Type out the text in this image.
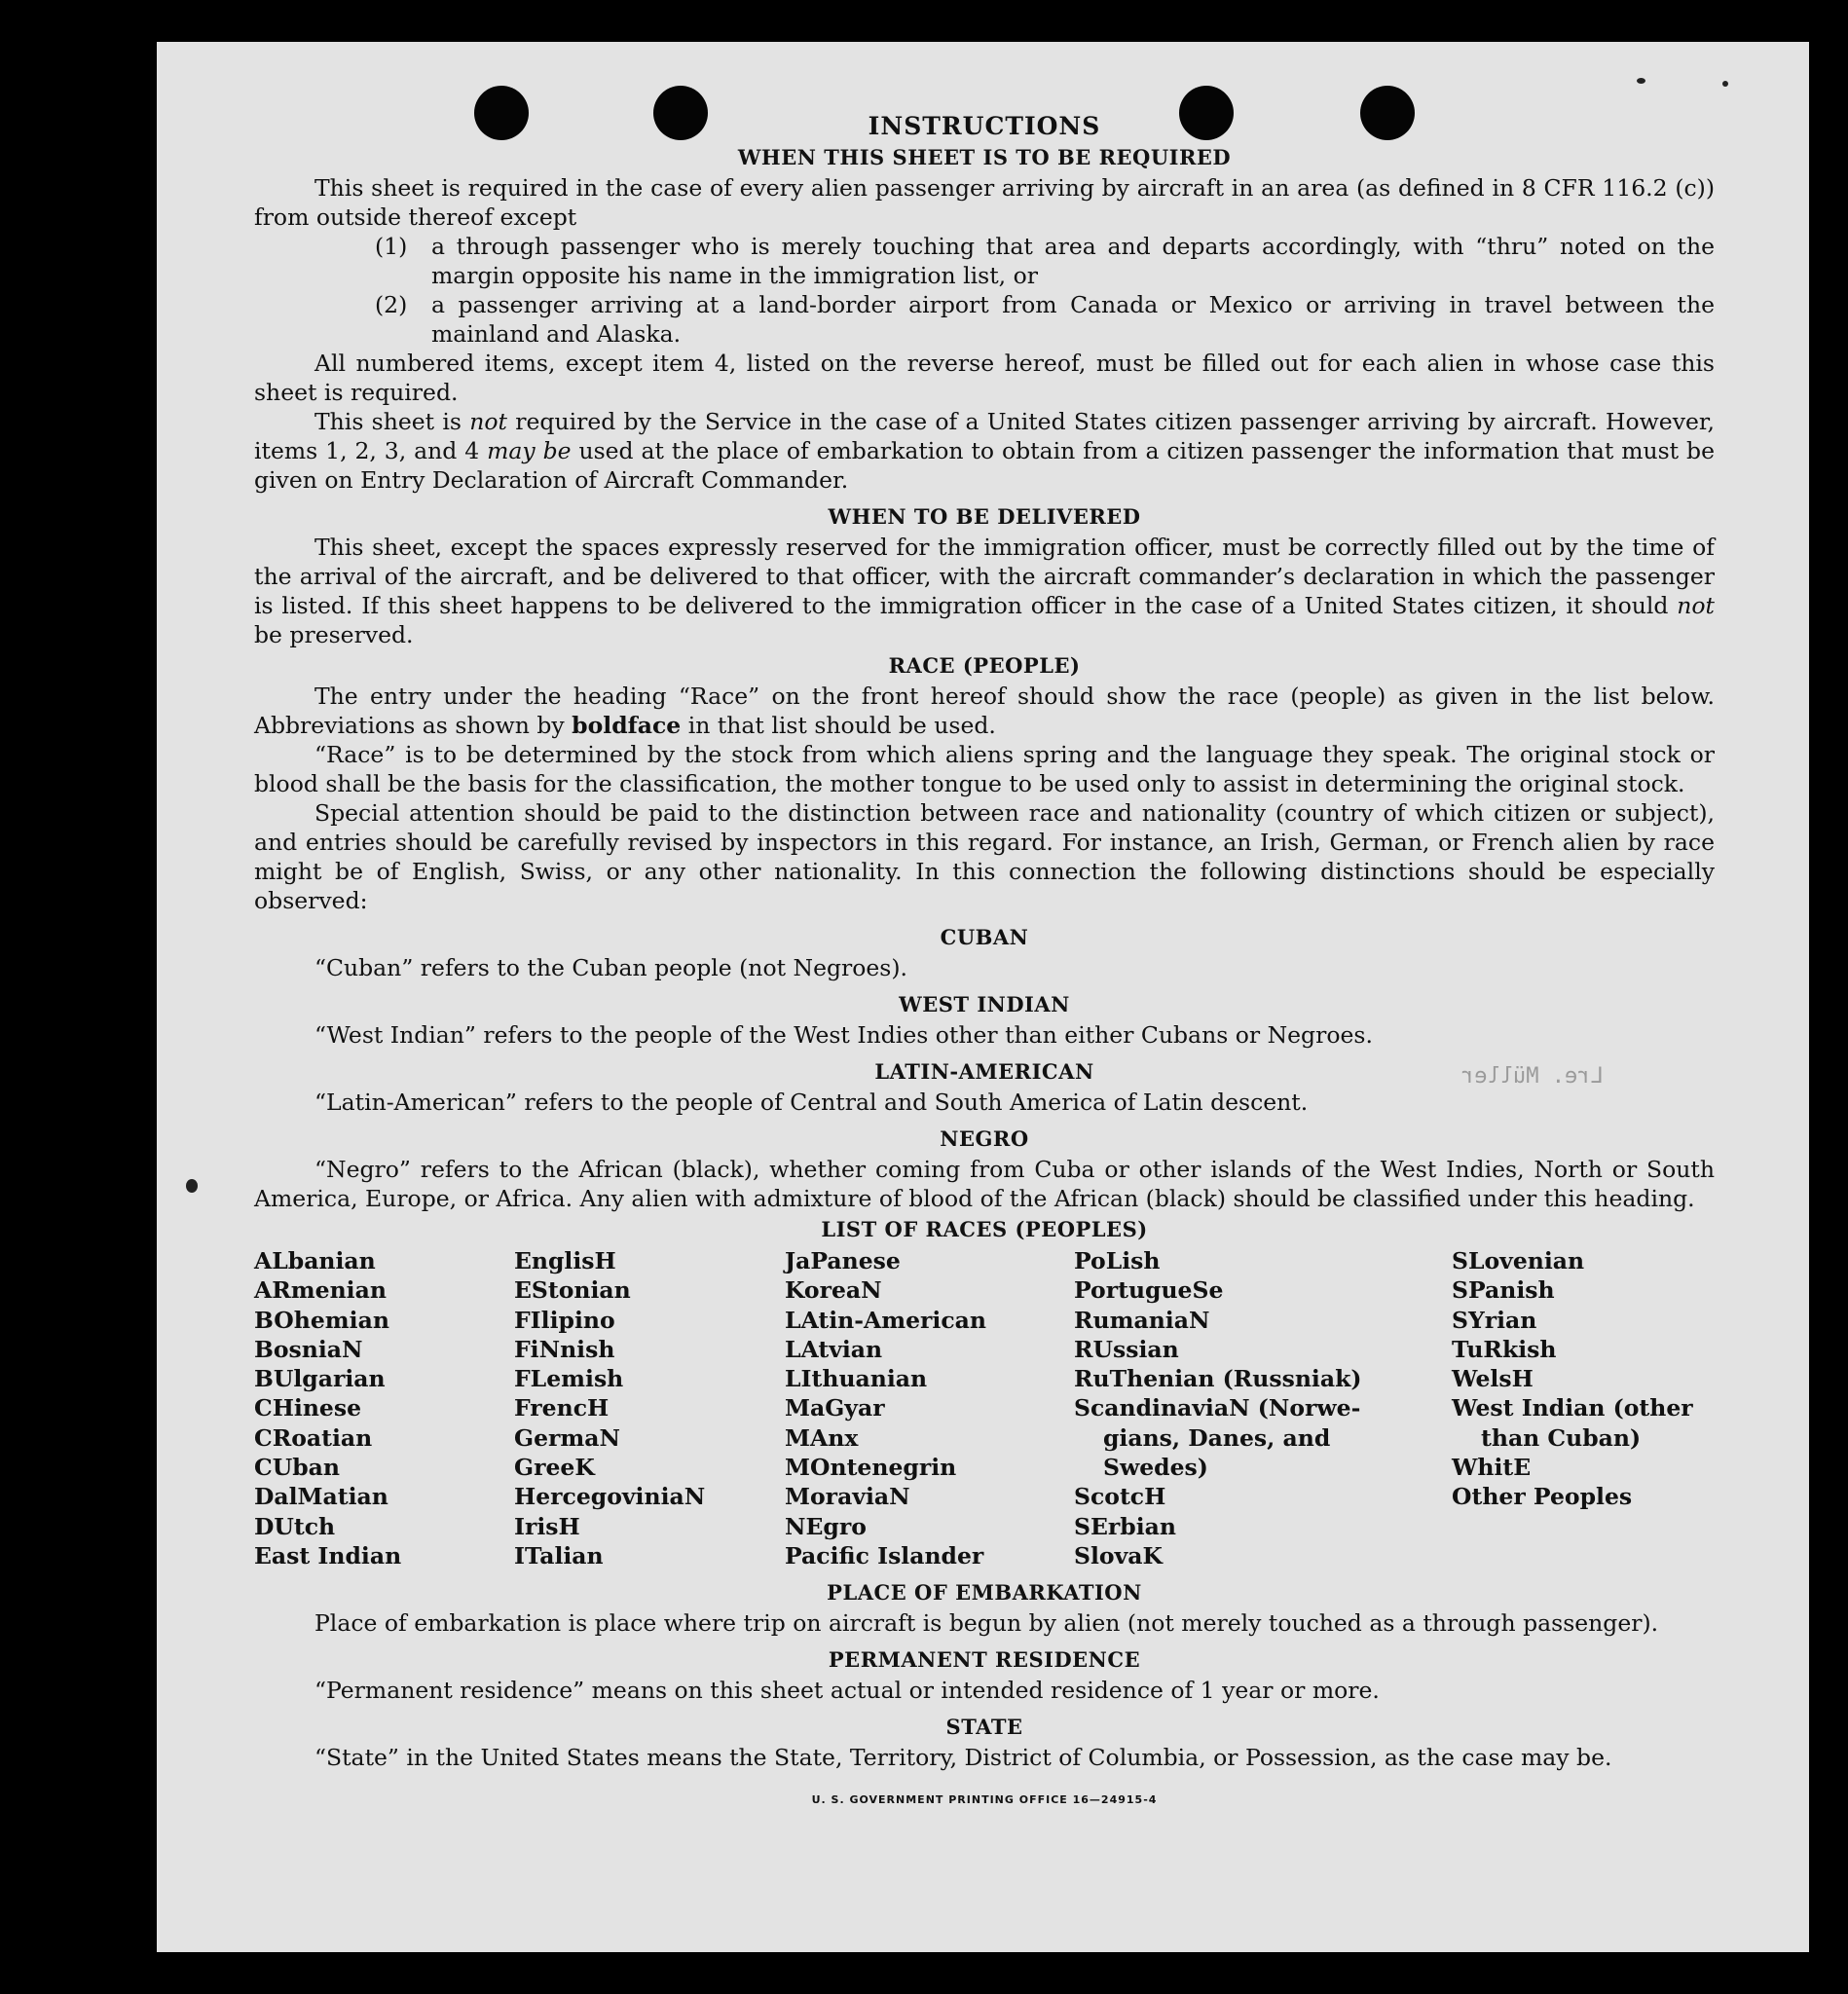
Lre. Müller
INSTRUCTIONS
WHEN THIS SHEET IS TO BE REQUIRED

This sheet is required in the case of every alien passenger arriving by aircraft in an area (as defined in 8 CFR 116.2 (c)) from outside thereof except

(1)	a through passenger who is merely touching that area and departs accordingly, with “thru” noted on the margin opposite his name in the immigration list, or
(2)	a passenger arriving at a land-border airport from Canada or Mexico or arriving in travel between the mainland and Alaska.

All numbered items, except item 4, listed on the reverse hereof, must be filled out for each alien in whose case this sheet is required.

This sheet is not required by the Service in the case of a United States citizen passenger arriving by aircraft. However, items 1, 2, 3, and 4 may be used at the place of embarkation to obtain from a citizen passenger the information that must be given on Entry Declaration of Aircraft Commander.

WHEN TO BE DELIVERED

This sheet, except the spaces expressly reserved for the immigration officer, must be correctly filled out by the time of the arrival of the aircraft, and be delivered to that officer, with the aircraft commander’s declaration in which the passenger is listed. If this sheet happens to be delivered to the immigration officer in the case of a United States citizen, it should not be preserved.

RACE (PEOPLE)

The entry under the heading “Race” on the front hereof should show the race (people) as given in the list below. Abbreviations as shown by boldface in that list should be used.

“Race” is to be determined by the stock from which aliens spring and the language they speak. The original stock or blood shall be the basis for the classification, the mother tongue to be used only to assist in determining the original stock.

Special attention should be paid to the distinction between race and nationality (country of which citizen or subject), and entries should be carefully revised by inspectors in this regard. For instance, an Irish, German, or French alien by race might be of English, Swiss, or any other nationality. In this connection the following distinctions should be especially observed:

CUBAN

“Cuban” refers to the Cuban people (not Negroes).

WEST INDIAN

“West Indian” refers to the people of the West Indies other than either Cubans or Negroes.

LATIN-AMERICAN

“Latin-American” refers to the people of Central and South America of Latin descent.

NEGRO

“Negro” refers to the African (black), whether coming from Cuba or other islands of the West Indies, North or South America, Europe, or Africa. Any alien with admixture of blood of the African (black) should be classified under this heading.

LIST OF RACES (PEOPLES)
ALbanian
ARmenian
BOhemian
BosniaN
BUlgarian
CHinese
CRoatian
CUban
DalMatian
DUtch
East Indian
EnglisH
EStonian
FIlipino
FiNnish
FLemish
FrencH
GermaN
GreeK
HercegoviniaN
IrisH
ITalian
JaPanese
KoreaN
LAtin-American
LAtvian
LIthuanian
MaGyar
MAnx
MOntenegrin
MoraviaN
NEgro
Pacific Islander
PoLish
PortugueSe
RumaniaN
RUssian
RuThenian (Russniak)
ScandinaviaN (Norwe-
gians, Danes, and
Swedes)
ScotcH
SErbian
SlovaK
SLovenian
SPanish
SYrian
TuRkish
WelsH
West Indian (other
than Cuban)
WhitE
Other Peoples
PLACE OF EMBARKATION

Place of embarkation is place where trip on aircraft is begun by alien (not merely touched as a through passenger).

PERMANENT RESIDENCE

“Permanent residence” means on this sheet actual or intended residence of 1 year or more.

STATE

“State” in the United States means the State, Territory, District of Columbia, or Possession, as the case may be.

U. S. GOVERNMENT PRINTING OFFICE 16—24915-4
